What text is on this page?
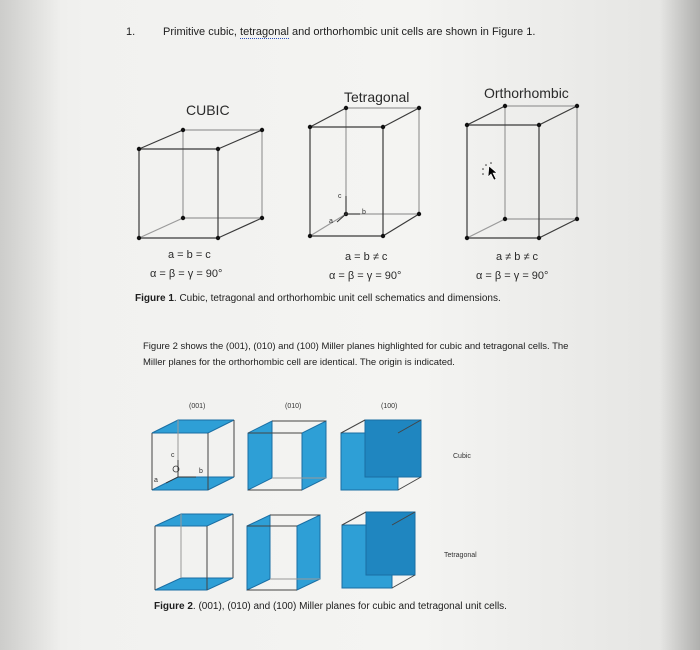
1.	Primitive cubic, tetragonal and orthorhombic unit cells are shown in Figure 1.
CUBIC
Tetragonal	Orthorhombic
c
b
a
a = b = c
α = β = γ = 90°
a = b ≠ c
α = β = γ = 90°
a ≠ b ≠ c
α = β = γ = 90°
Figure 1. Cubic, tetragonal and orthorhombic unit cell schematics and dimensions.
Figure 2 shows the (001), (010) and (100) Miller planes highlighted for cubic and tetragonal cells. The Miller planes for the orthorhombic cell are identical. The origin is indicated.
(001)	(010)	(100)
Cubic
Tetragonal
c
b
a
Figure 2. (001), (010) and (100) Miller planes for cubic and tetragonal unit cells.
